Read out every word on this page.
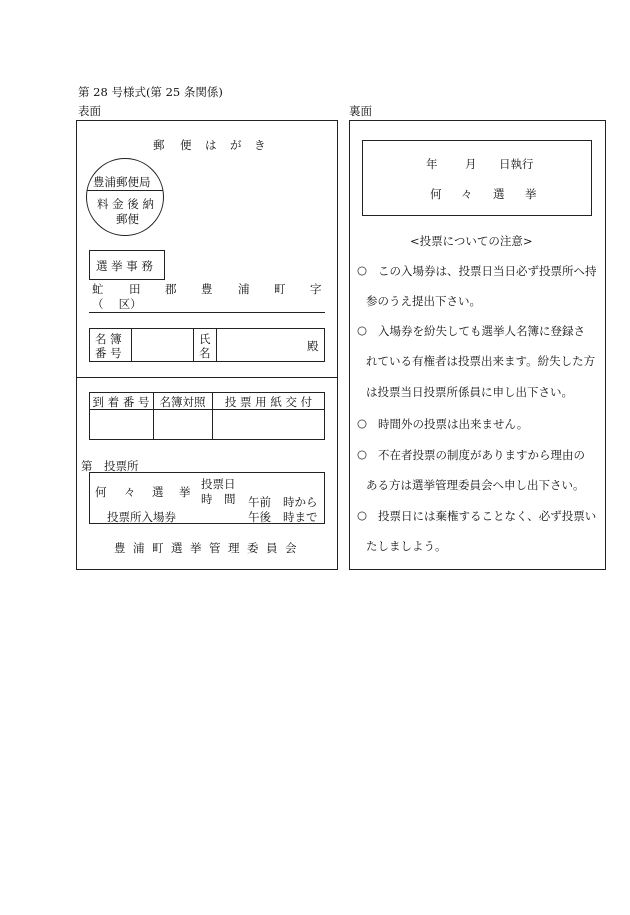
第 28 号様式(第 25 条関係)
表面	裏面
郵 便 は が き
豊浦郵便局
料 金 後 納
郵便
選 挙 事 務
虻 田 郡 豊 浦 町 字
（　 区）
名 簿
番 号
氏
名	殿
到 着 番 号 名簿対照	投 票 用 紙 交 付
第　投票所
何 々 選 挙
投票日
時　間 午前 時から
投票所入場券	午後 時まで
豊 浦 町 選 挙 管 理 委 員 会
年 月 日執行
何 々 選 挙
<投票についての注意>
○ この入場券は、投票日当日必ず投票所へ持
参のうえ提出下さい。
○ 入場券を紛失しても選挙人名簿に登録さ
れている有権者は投票出来ます。紛失した方
は投票当日投票所係員に申し出下さい。
○ 時間外の投票は出来ません。
○ 不在者投票の制度がありますから理由の
ある方は選挙管理委員会へ申し出下さい。
○ 投票日には棄権することなく、必ず投票い
たしましよう。
